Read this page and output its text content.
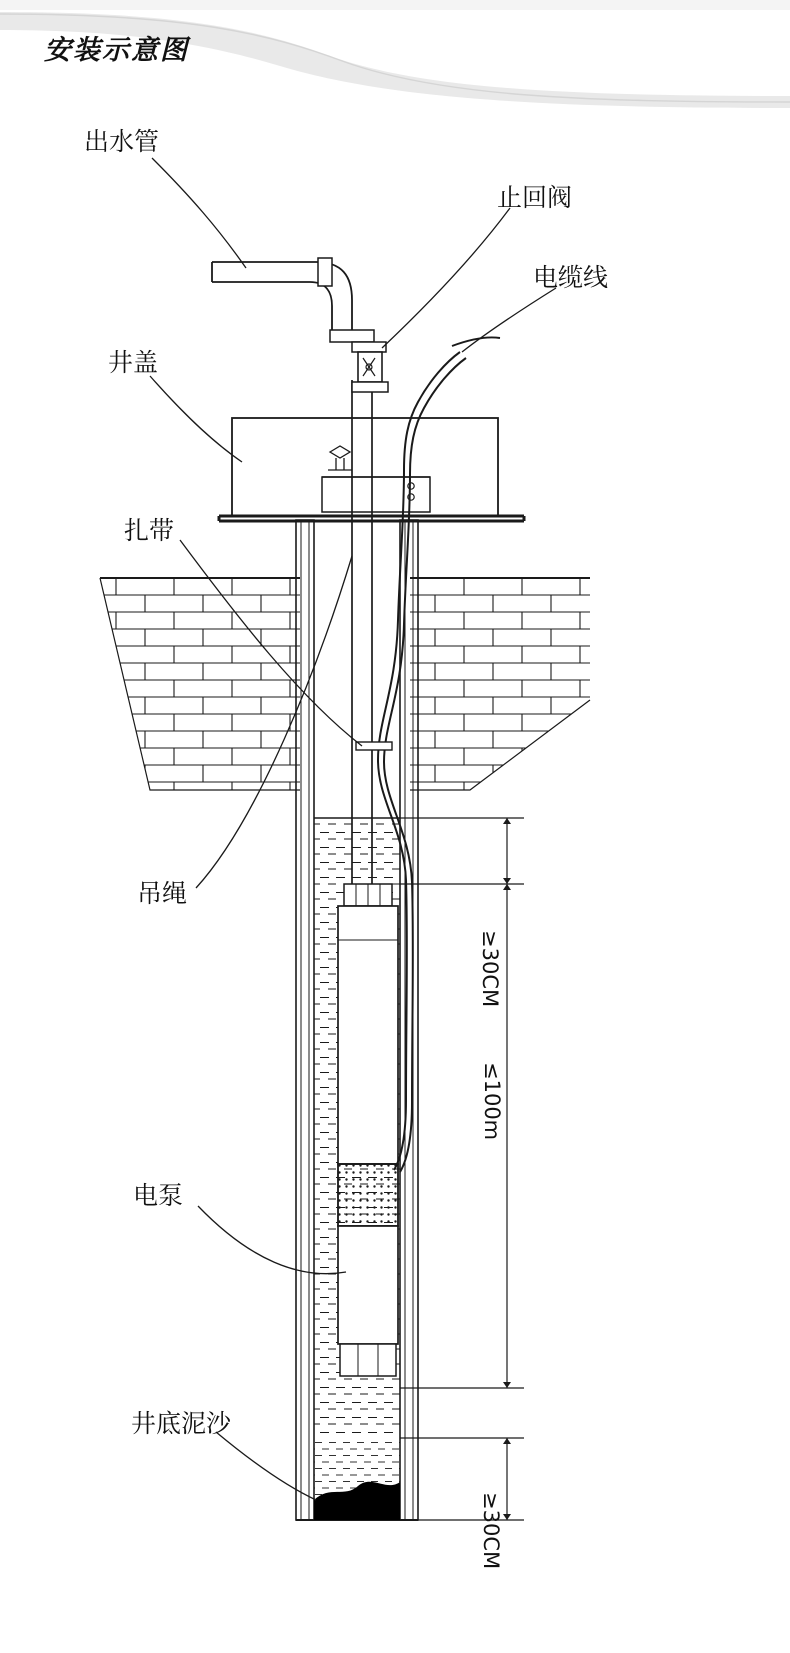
安装示意图
出水管
止回阀
电缆线
井盖
扎带
吊绳
电泵
井底泥沙
≥30CM
≤100m
≥30CM
